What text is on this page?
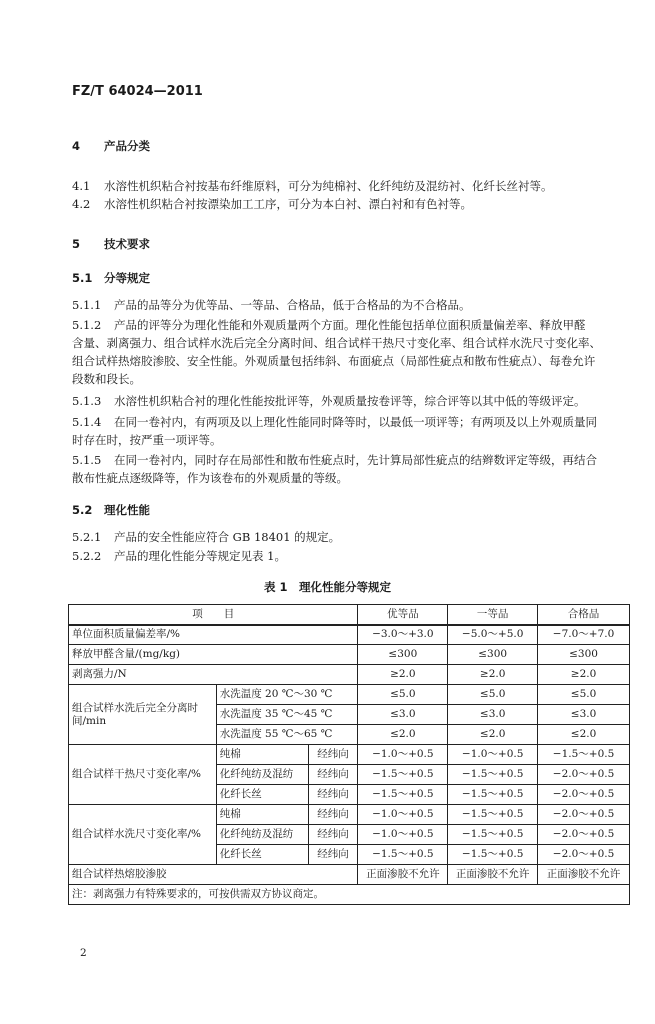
FZ/T 64024—2011
4 产品分类
4.1 水溶性机织粘合衬按基布纤维原料，可分为纯棉衬、化纤纯纺及混纺衬、化纤长丝衬等。
4.2 水溶性机织粘合衬按漂染加工工序，可分为本白衬、漂白衬和有色衬等。
5 技术要求
5.1 分等规定
5.1.1 产品的品等分为优等品、一等品、合格品，低于合格品的为不合格品。
5.1.2 产品的评等分为理化性能和外观质量两个方面。理化性能包括单位面积质量偏差率、释放甲醛
含量、剥离强力、组合试样水洗后完全分离时间、组合试样干热尺寸变化率、组合试样水洗尺寸变化率、
组合试样热熔胶渗胶、安全性能。外观质量包括纬斜、布面疵点（局部性疵点和散布性疵点）、每卷允许
段数和段长。
5.1.3 水溶性机织粘合衬的理化性能按批评等，外观质量按卷评等，综合评等以其中低的等级评定。
5.1.4 在同一卷衬内，有两项及以上理化性能同时降等时，以最低一项评等；有两项及以上外观质量同
时存在时，按严重一项评等。
5.1.5 在同一卷衬内，同时存在局部性和散布性疵点时，先计算局部性疵点的结辫数评定等级，再结合
散布性疵点逐级降等，作为该卷布的外观质量的等级。
5.2 理化性能
5.2.1 产品的安全性能应符合 GB 18401 的规定。
5.2.2 产品的理化性能分等规定见表 1。
表 1　理化性能分等规定
项　　目			优等品	一等品	合格品
单位面积质量偏差率/%			−3.0～+3.0	−5.0～+5.0	−7.0～+7.0
释放甲醛含量/(mg/kg)			≤300	≤300	≤300
剥离强力/N			≥2.0	≥2.0	≥2.0
组合试样水洗后完全分离时间/min	水洗温度 20 ℃～30 ℃		≤5.0	≤5.0	≤5.0
	水洗温度 35 ℃～45 ℃		≤3.0	≤3.0	≤3.0
	水洗温度 55 ℃～65 ℃		≤2.0	≤2.0	≤2.0
组合试样干热尺寸变化率/%	纯棉	经纬向	−1.0～+0.5	−1.0～+0.5	−1.5～+0.5
	化纤纯纺及混纺	经纬向	−1.5～+0.5	−1.5～+0.5	−2.0～+0.5
	化纤长丝	经纬向	−1.5～+0.5	−1.5～+0.5	−2.0～+0.5
组合试样水洗尺寸变化率/%	纯棉	经纬向	−1.0～+0.5	−1.5～+0.5	−2.0～+0.5
	化纤纯纺及混纺	经纬向	−1.0～+0.5	−1.5～+0.5	−2.0～+0.5
	化纤长丝	经纬向	−1.5～+0.5	−1.5～+0.5	−2.0～+0.5
组合试样热熔胶渗胶			正面渗胶不允许	正面渗胶不允许	正面渗胶不允许
注：剥离强力有特殊要求的，可按供需双方协议商定。					
2
